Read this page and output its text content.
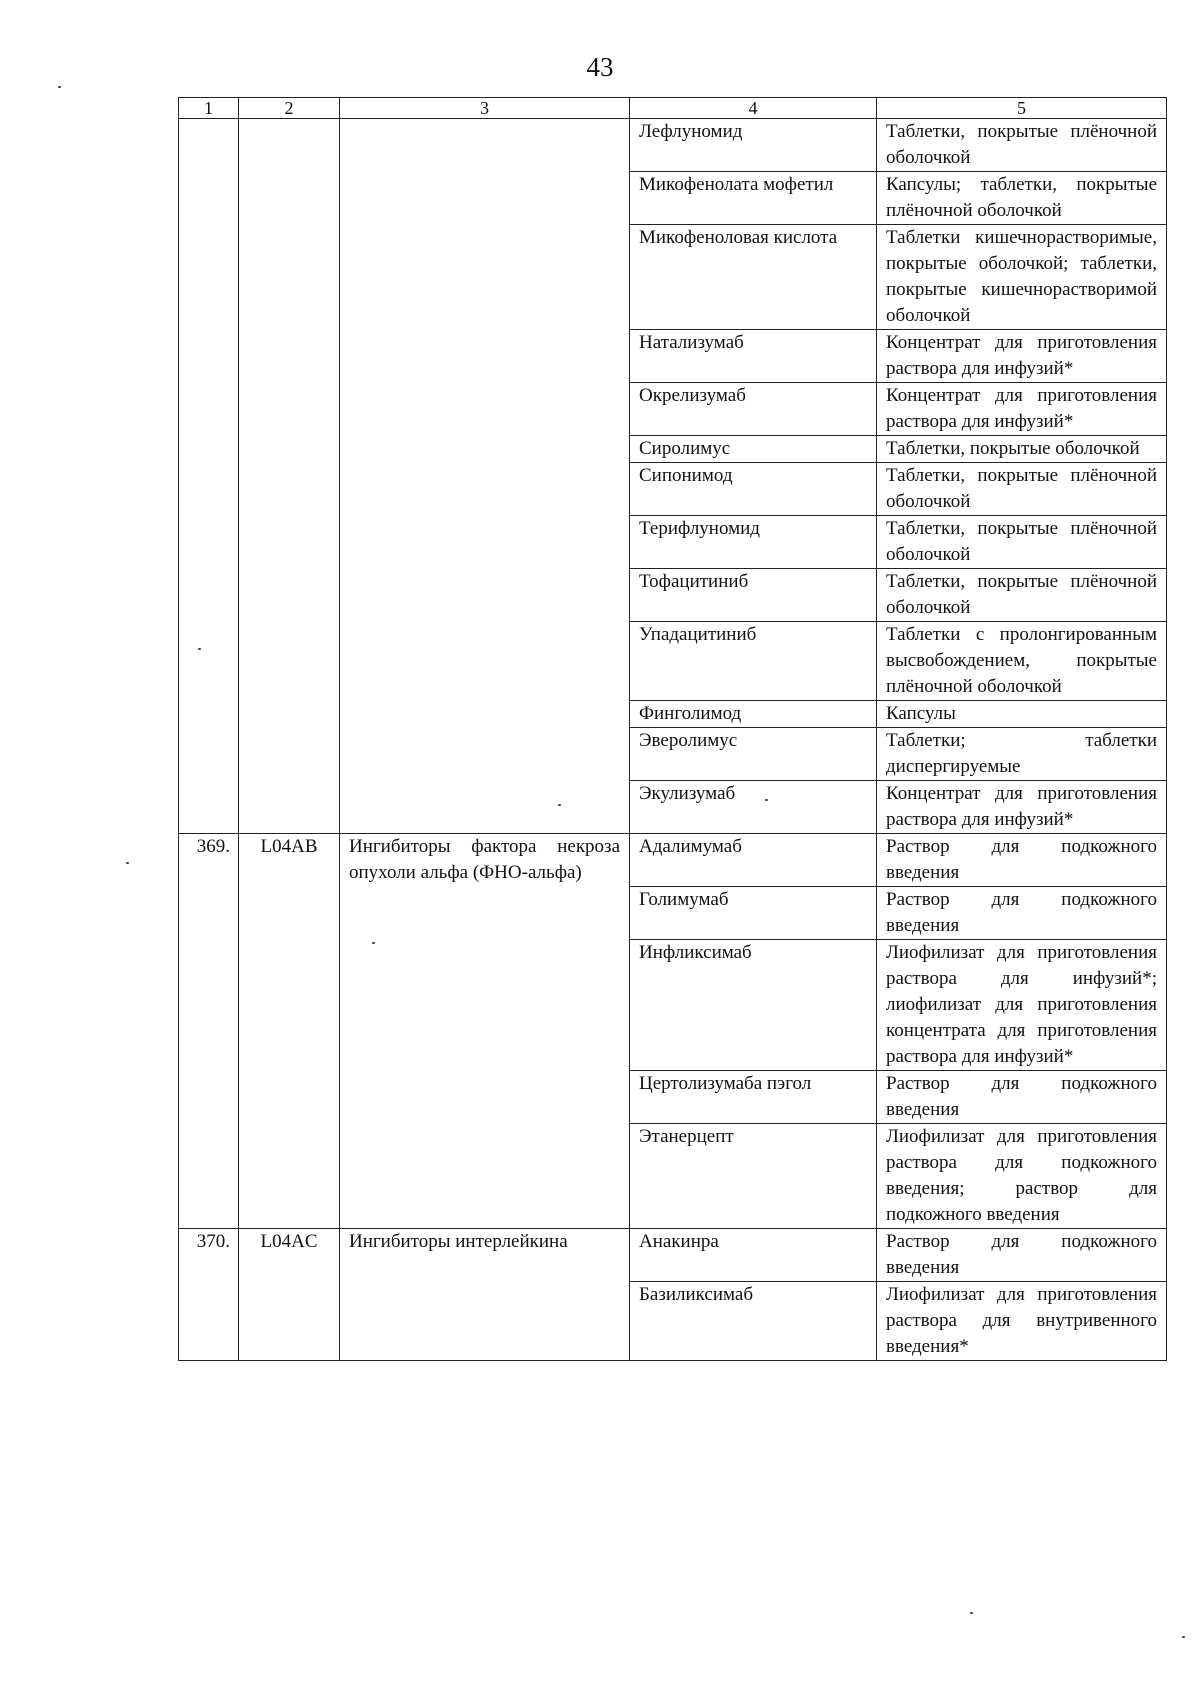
43
1	2	3	4	5
			Лефлуномид	Таблетки, покрытые плёночной оболочкой
			Микофенолата мофетил	Капсулы; таблетки, покрытые плёночной оболочкой
			Микофеноловая кислота	Таблетки кишечнорастворимые, покрытые оболочкой; таблетки, покрытые кишечнорастворимой оболочкой
			Натализумаб	Концентрат для приготовления раствора для инфузий*
			Окрелизумаб	Концентрат для приготовления раствора для инфузий*
			Сиролимус	Таблетки, покрытые оболочкой
			Сипонимод	Таблетки, покрытые плёночной оболочкой
			Терифлуномид	Таблетки, покрытые плёночной оболочкой
			Тофацитиниб	Таблетки, покрытые плёночной оболочкой
			Упадацитиниб	Таблетки с пролонгированным высвобождением, покрытые плёночной оболочкой
			Финголимод	Капсулы
			Эверолимус	Таблетки; таблетки диспергируемые
			Экулизумаб	Концентрат для приготовления раствора для инфузий*
369.	L04AB	Ингибиторы фактора некроза опухоли альфа (ФНО-альфа)	Адалимумаб	Раствор для подкожного введения
			Голимумаб	Раствор для подкожного введения
			Инфликсимаб	Лиофилизат для приготовления раствора для инфузий*; лиофилизат для приготовления концентрата для приготовления раствора для инфузий*
			Цертолизумаба пэгол	Раствор для подкожного введения
			Этанерцепт	Лиофилизат для приготовления раствора для подкожного введения; раствор для подкожного введения
370.	L04AC	Ингибиторы интерлейкина	Анакинра	Раствор для подкожного введения
			Базиликсимаб	Лиофилизат для приготовления раствора для внутривенного введения*
